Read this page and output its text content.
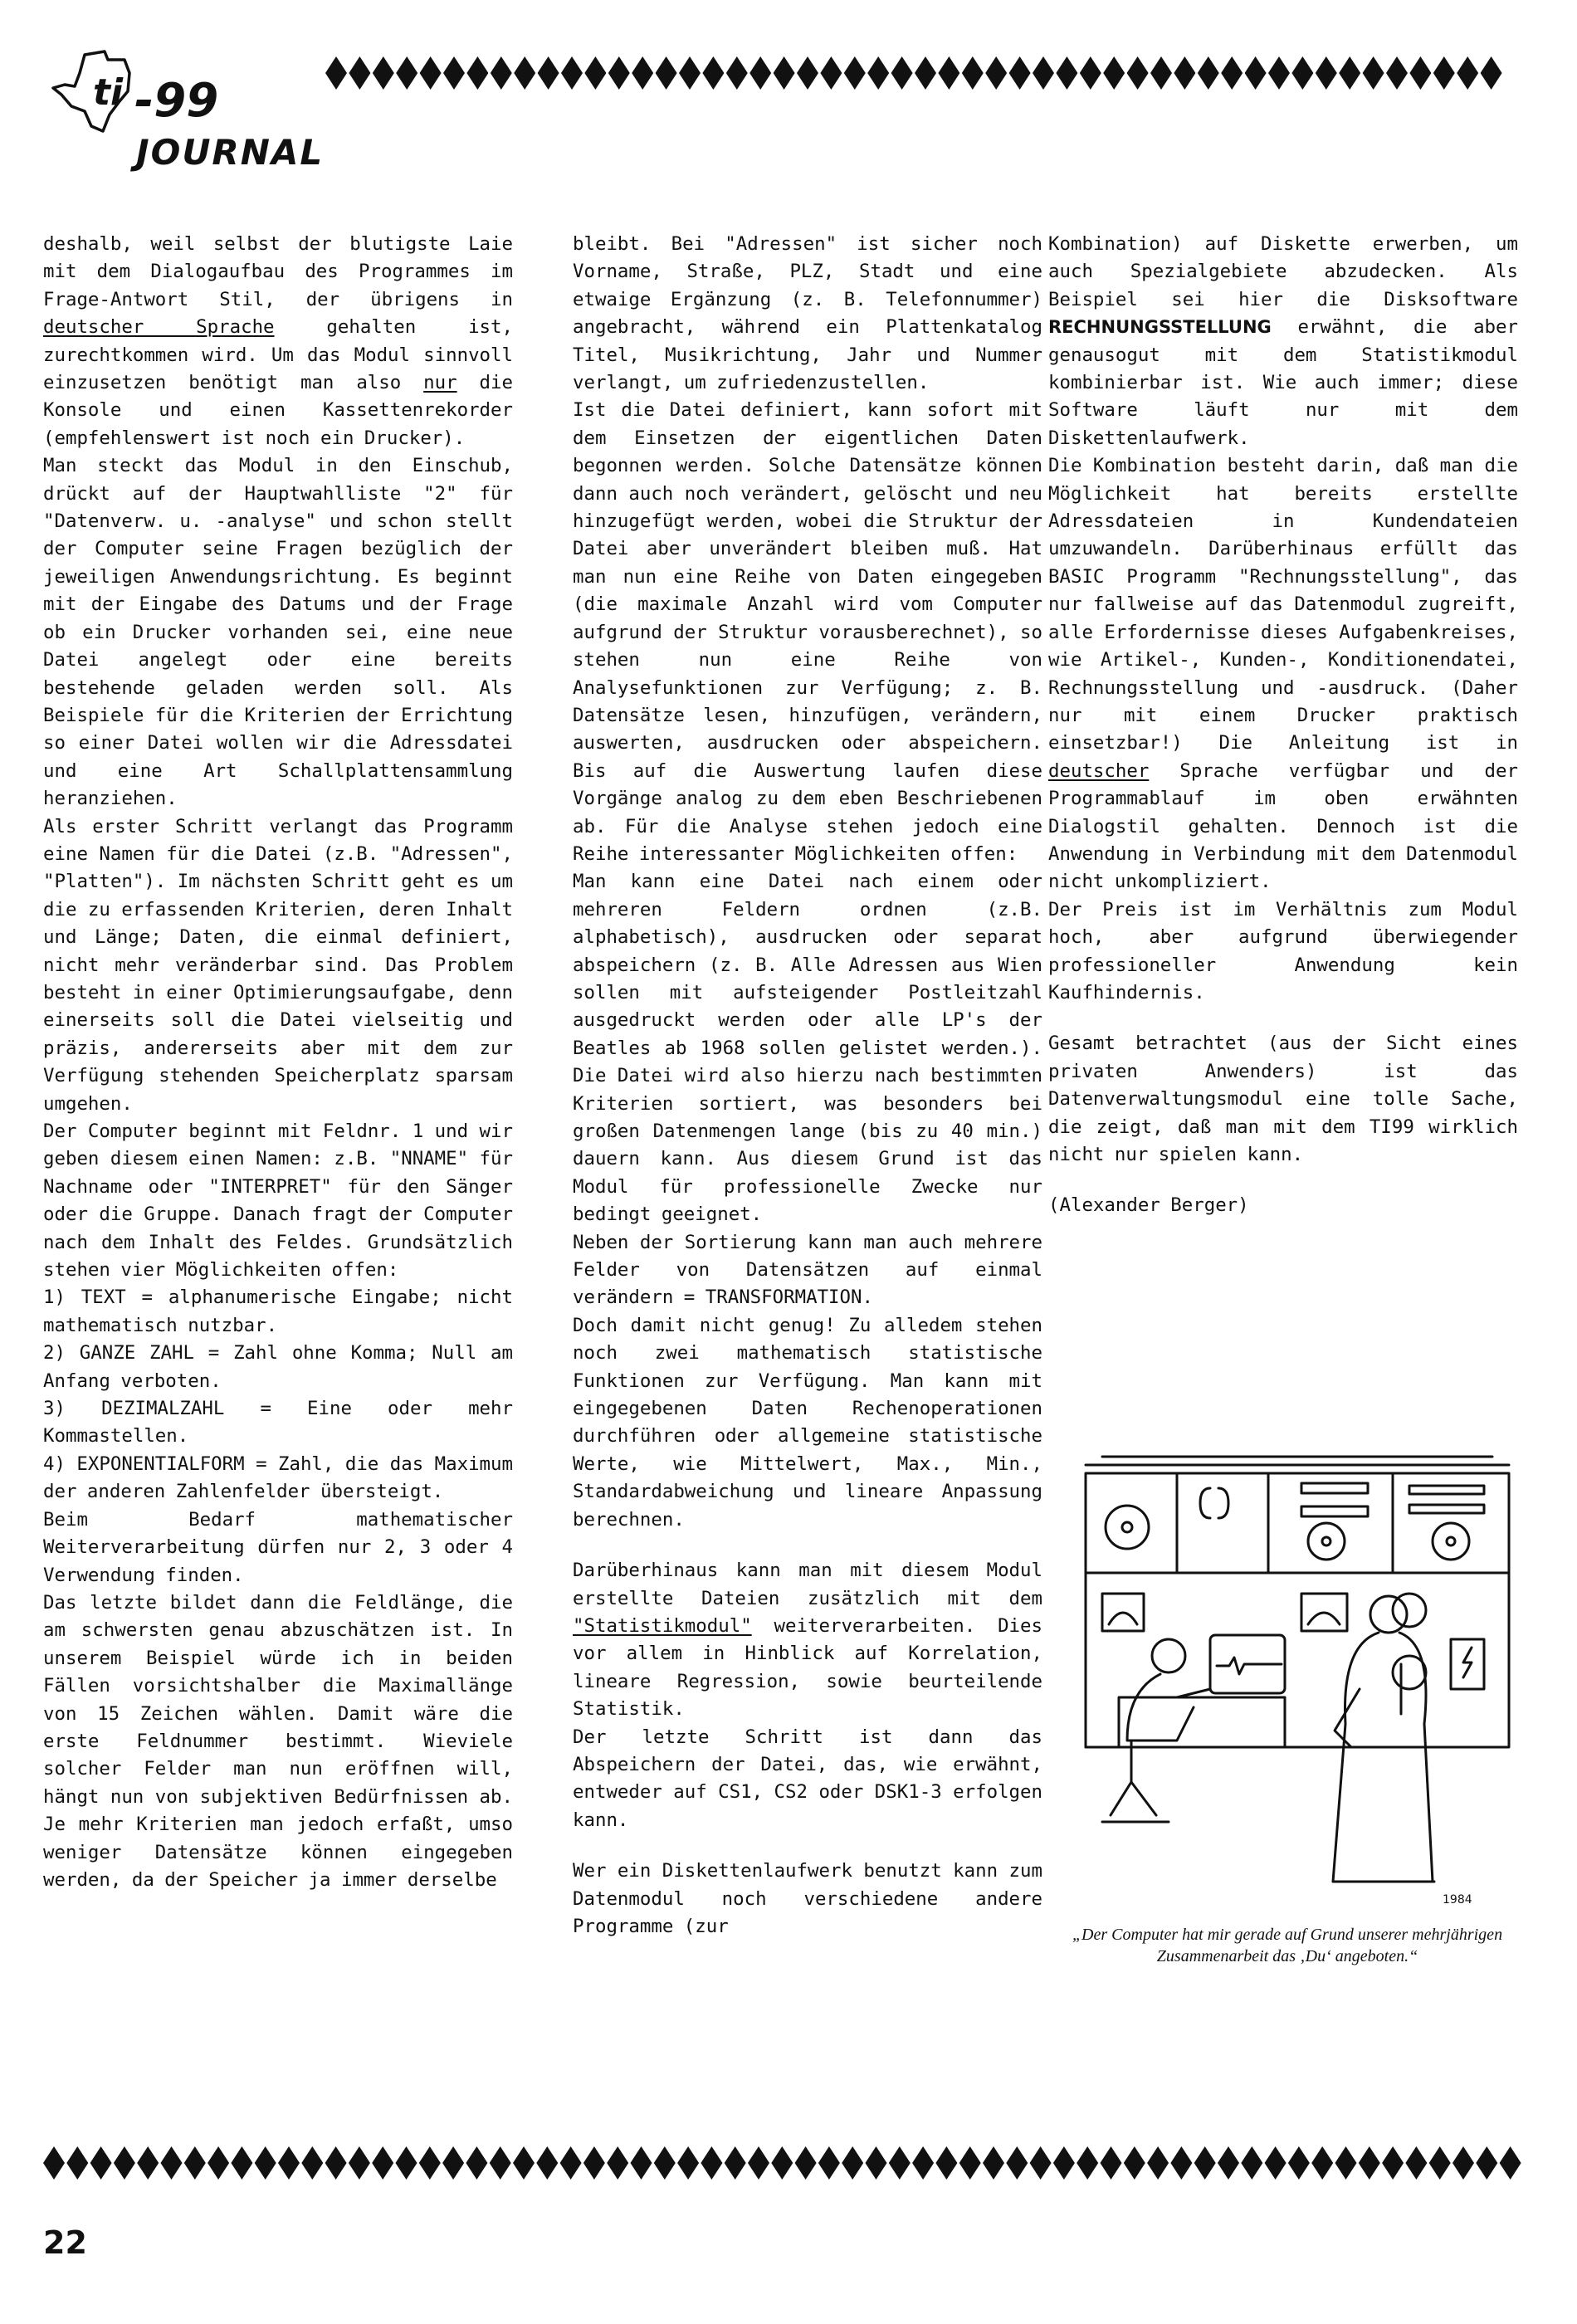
ti -99
JOURNAL

deshalb, weil selbst der blutigste Laie mit dem Dialogaufbau des Programmes im Frage-Antwort Stil, der übrigens in deutscher Sprache gehalten ist, zurechtkommen wird. Um das Modul sinnvoll einzusetzen benötigt man also nur die Konsole und einen Kassettenrekorder (empfehlenswert ist noch ein Drucker).

Man steckt das Modul in den Einschub, drückt auf der Hauptwahlliste "2" für "Datenverw. u. -analyse" und schon stellt der Computer seine Fragen bezüglich der jeweiligen Anwendungsrichtung. Es beginnt mit der Eingabe des Datums und der Frage ob ein Drucker vorhanden sei, eine neue Datei angelegt oder eine bereits bestehende geladen werden soll. Als Beispiele für die Kriterien der Errichtung so einer Datei wollen wir die Adressdatei und eine Art Schallplattensammlung heranziehen.

Als erster Schritt verlangt das Programm eine Namen für die Datei (z.B. "Adressen", "Platten"). Im nächsten Schritt geht es um die zu erfassenden Kriterien, deren Inhalt und Länge; Daten, die einmal definiert, nicht mehr veränderbar sind. Das Problem besteht in einer Optimierungsaufgabe, denn einerseits soll die Datei vielseitig und präzis, andererseits aber mit dem zur Verfügung stehenden Speicherplatz sparsam umgehen.

Der Computer beginnt mit Feldnr. 1 und wir geben diesem einen Namen: z.B. "NNAME" für Nachname oder "INTERPRET" für den Sänger oder die Gruppe. Danach fragt der Computer nach dem Inhalt des Feldes. Grundsätzlich stehen vier Möglichkeiten offen:

1) TEXT = alphanumerische Eingabe; nicht mathematisch nutzbar.

2) GANZE ZAHL = Zahl ohne Komma; Null am Anfang verboten.

3) DEZIMALZAHL = Eine oder mehr Kommastellen.

4) EXPONENTIALFORM = Zahl, die das Maximum der anderen Zahlenfelder übersteigt.

Beim Bedarf mathematischer Weiterverarbeitung dürfen nur 2, 3 oder 4 Verwendung finden.

Das letzte bildet dann die Feldlänge, die am schwersten genau abzuschätzen ist. In unserem Beispiel würde ich in beiden Fällen vorsichtshalber die Maximallänge von 15 Zeichen wählen. Damit wäre die erste Feldnummer bestimmt. Wieviele solcher Felder man nun eröffnen will, hängt nun von subjektiven Bedürfnissen ab. Je mehr Kriterien man jedoch erfaßt, umso weniger Datensätze können eingegeben werden, da der Speicher ja immer derselbe

bleibt. Bei "Adressen" ist sicher noch Vorname, Straße, PLZ, Stadt und eine etwaige Ergänzung (z. B. Telefonnummer) angebracht, während ein Plattenkatalog Titel, Musikrichtung, Jahr und Nummer verlangt, um zufriedenzustellen.

Ist die Datei definiert, kann sofort mit dem Einsetzen der eigentlichen Daten begonnen werden. Solche Datensätze können dann auch noch verändert, gelöscht und neu hinzugefügt werden, wobei die Struktur der Datei aber unverändert bleiben muß. Hat man nun eine Reihe von Daten eingegeben (die maximale Anzahl wird vom Computer aufgrund der Struktur vorausberechnet), so stehen nun eine Reihe von Analysefunktionen zur Verfügung; z. B. Datensätze lesen, hinzufügen, verändern, auswerten, ausdrucken oder abspeichern. Bis auf die Auswertung laufen diese Vorgänge analog zu dem eben Beschriebenen ab. Für die Analyse stehen jedoch eine Reihe interessanter Möglichkeiten offen:

Man kann eine Datei nach einem oder mehreren Feldern ordnen (z.B. alphabetisch), ausdrucken oder separat abspeichern (z. B. Alle Adressen aus Wien sollen mit aufsteigender Postleitzahl ausgedruckt werden oder alle LP's der Beatles ab 1968 sollen gelistet werden.). Die Datei wird also hierzu nach bestimmten Kriterien sortiert, was besonders bei großen Datenmengen lange (bis zu 40 min.) dauern kann. Aus diesem Grund ist das Modul für professionelle Zwecke nur bedingt geeignet.

Neben der Sortierung kann man auch mehrere Felder von Datensätzen auf einmal verändern = TRANSFORMATION.

Doch damit nicht genug! Zu alledem stehen noch zwei mathematisch statistische Funktionen zur Verfügung. Man kann mit eingegebenen Daten Rechenoperationen durchführen oder allgemeine statistische Werte, wie Mittelwert, Max., Min., Standardabweichung und lineare Anpassung berechnen.

Darüberhinaus kann man mit diesem Modul erstellte Dateien zusätzlich mit dem "Statistikmodul" weiterverarbeiten. Dies vor allem in Hinblick auf Korrelation, lineare Regression, sowie beurteilende Statistik.

Der letzte Schritt ist dann das Abspeichern der Datei, das, wie erwähnt, entweder auf CS1, CS2 oder DSK1-3 erfolgen kann.

Wer ein Diskettenlaufwerk benutzt kann zum Datenmodul noch verschiedene andere Programme (zur

Kombination) auf Diskette erwerben, um auch Spezialgebiete abzudecken. Als Beispiel sei hier die Disksoftware RECHNUNGSSTELLUNG erwähnt, die aber genausogut mit dem Statistikmodul kombinierbar ist. Wie auch immer; diese Software läuft nur mit dem Diskettenlaufwerk.

Die Kombination besteht darin, daß man die Möglichkeit hat bereits erstellte Adressdateien in Kundendateien umzuwandeln. Darüberhinaus erfüllt das BASIC Programm "Rechnungsstellung", das nur fallweise auf das Datenmodul zugreift, alle Erfordernisse dieses Aufgabenkreises, wie Artikel-, Kunden-, Konditionendatei, Rechnungsstellung und -ausdruck. (Daher nur mit einem Drucker praktisch einsetzbar!) Die Anleitung ist in deutscher Sprache verfügbar und der Programmablauf im oben erwähnten Dialogstil gehalten. Dennoch ist die Anwendung in Verbindung mit dem Datenmodul nicht unkompliziert.

Der Preis ist im Verhältnis zum Modul hoch, aber aufgrund überwiegender professioneller Anwendung kein Kaufhindernis.

Gesamt betrachtet (aus der Sicht eines privaten Anwenders) ist das Datenverwaltungsmodul eine tolle Sache, die zeigt, daß man mit dem TI99 wirklich nicht nur spielen kann.

(Alexander Berger)

1984
„Der Computer hat mir gerade auf Grund unserer mehrjährigen Zusammenarbeit das ‚Du‘ angeboten.“
22
